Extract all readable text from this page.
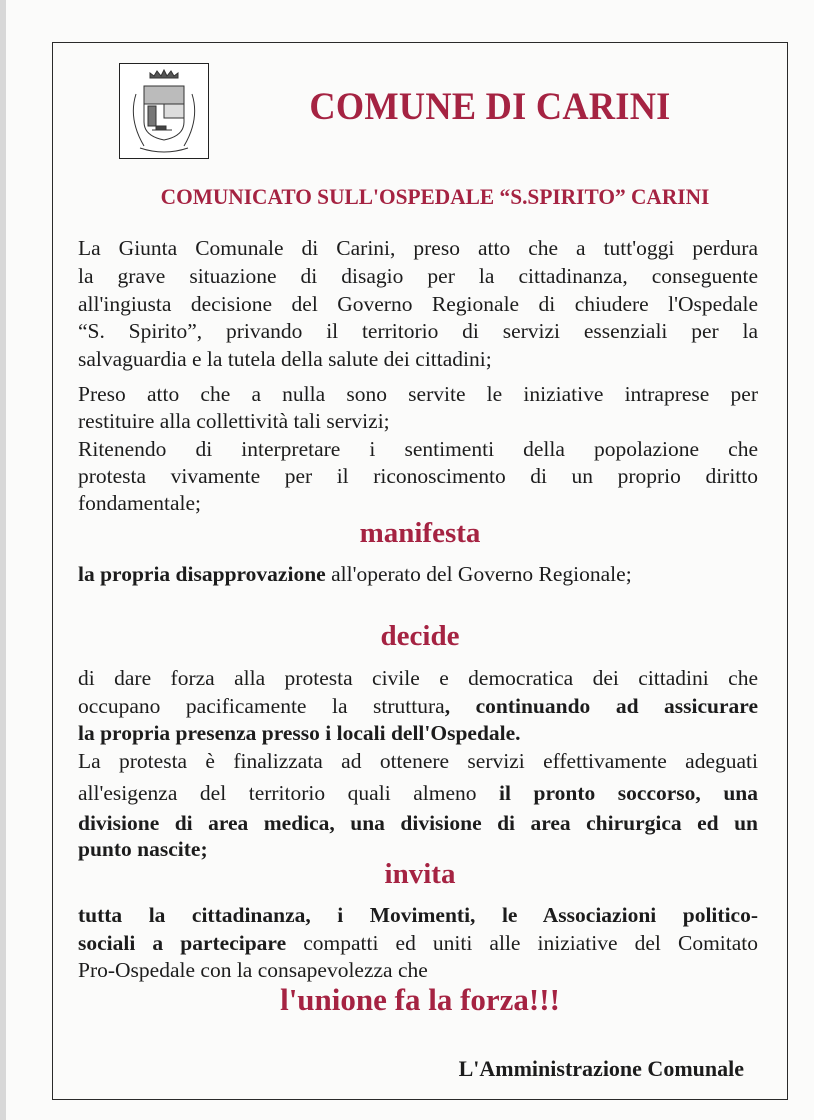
COMUNE DI CARINI
COMUNICATO SULL'OSPEDALE “S.SPIRITO” CARINI
La Giunta Comunale di Carini, preso atto che a tutt'oggi perdura
la grave situazione di disagio per la cittadinanza, conseguente
all'ingiusta decisione del Governo Regionale di chiudere l'Ospedale
“S. Spirito”, privando il territorio di servizi essenziali per la
salvaguardia e la tutela della salute dei cittadini;
Preso atto che a nulla sono servite le iniziative intraprese per
restituire alla collettività tali servizi;
Ritenendo di interpretare i sentimenti della popolazione che
protesta vivamente per il riconoscimento di un proprio diritto
fondamentale;
la propria disapprovazione all'operato del Governo Regionale;
di dare forza alla protesta civile e democratica dei cittadini che
occupano pacificamente la struttura, continuando ad assicurare
la propria presenza presso i locali dell'Ospedale.
La protesta è finalizzata ad ottenere servizi effettivamente adeguati
all'esigenza del territorio quali almeno il pronto soccorso, una
divisione di area medica, una divisione di area chirurgica ed un
punto nascite;
tutta la cittadinanza, i Movimenti, le Associazioni politico-
sociali a partecipare compatti ed uniti alle iniziative del Comitato
Pro-Ospedale con la consapevolezza che
manifesta
decide
invita
l'unione fa la forza!!!
L'Amministrazione Comunale
